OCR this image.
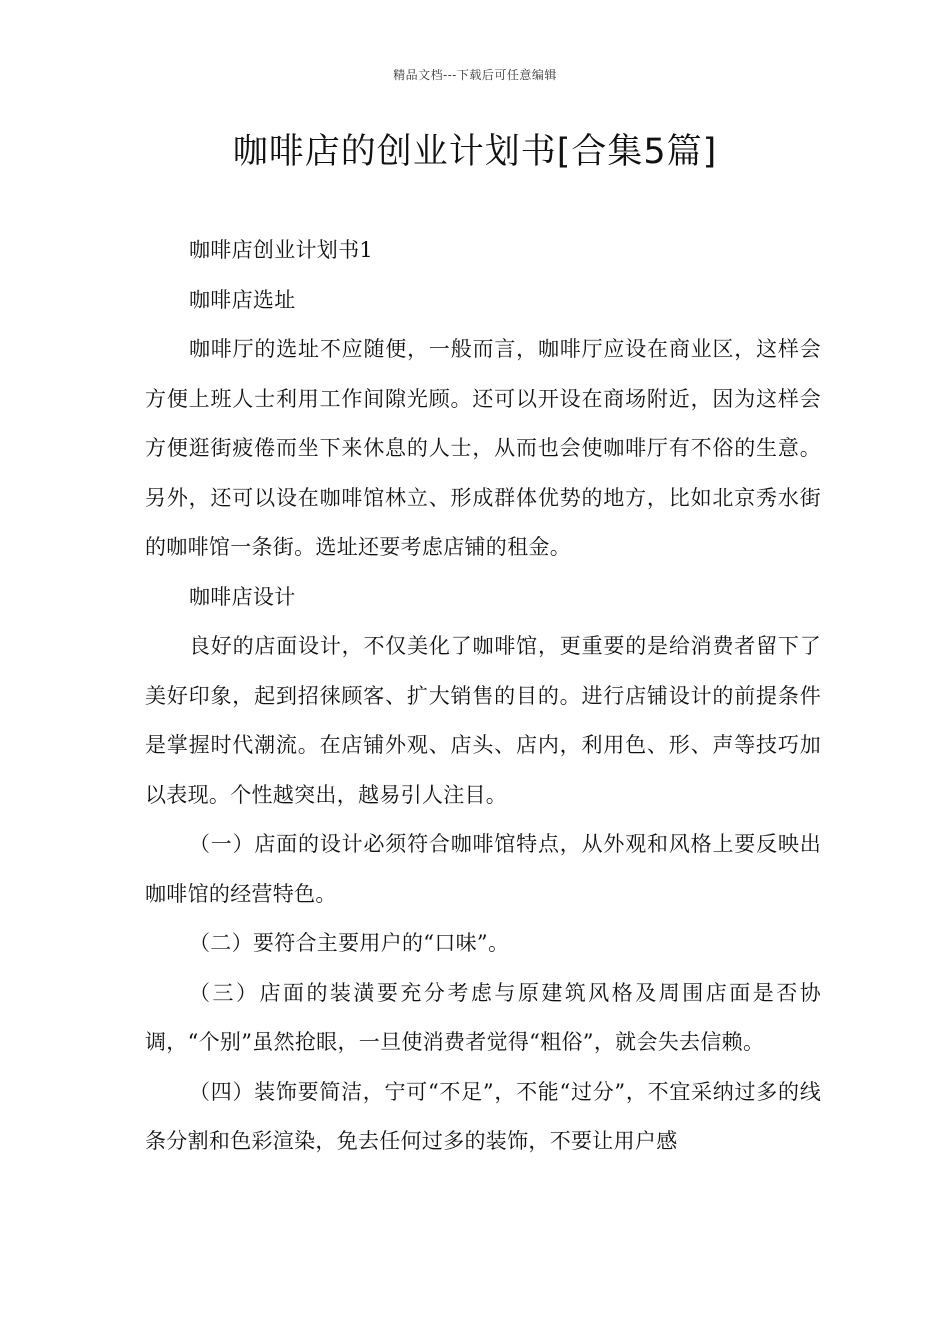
精品文档---下载后可任意编辑
咖啡店的创业计划书[合集5篇]

咖啡店创业计划书1

咖啡店选址

咖啡厅的选址不应随便，一般而言，咖啡厅应设在商业区，这样会方便上班人士利用工作间隙光顾。还可以开设在商场附近，因为这样会方便逛街疲倦而坐下来休息的人士，从而也会使咖啡厅有不俗的生意。另外，还可以设在咖啡馆林立、形成群体优势的地方，比如北京秀水街的咖啡馆一条街。选址还要考虑店铺的租金。

咖啡店设计

良好的店面设计，不仅美化了咖啡馆，更重要的是给消费者留下了美好印象，起到招徕顾客、扩大销售的目的。进行店铺设计的前提条件是掌握时代潮流。在店铺外观、店头、店内，利用色、形、声等技巧加以表现。个性越突出，越易引人注目。

（一）店面的设计必须符合咖啡馆特点，从外观和风格上要反映出咖啡馆的经营特色。

（二）要符合主要用户的“口味”。

（三）店面的装潢要充分考虑与原建筑风格及周围店面是否协调，“个别”虽然抢眼，一旦使消费者觉得“粗俗”，就会失去信赖。

（四）装饰要简洁，宁可“不足”，不能“过分”，不宜采纳过多的线条分割和色彩渲染，免去任何过多的装饰，不要让用户感
